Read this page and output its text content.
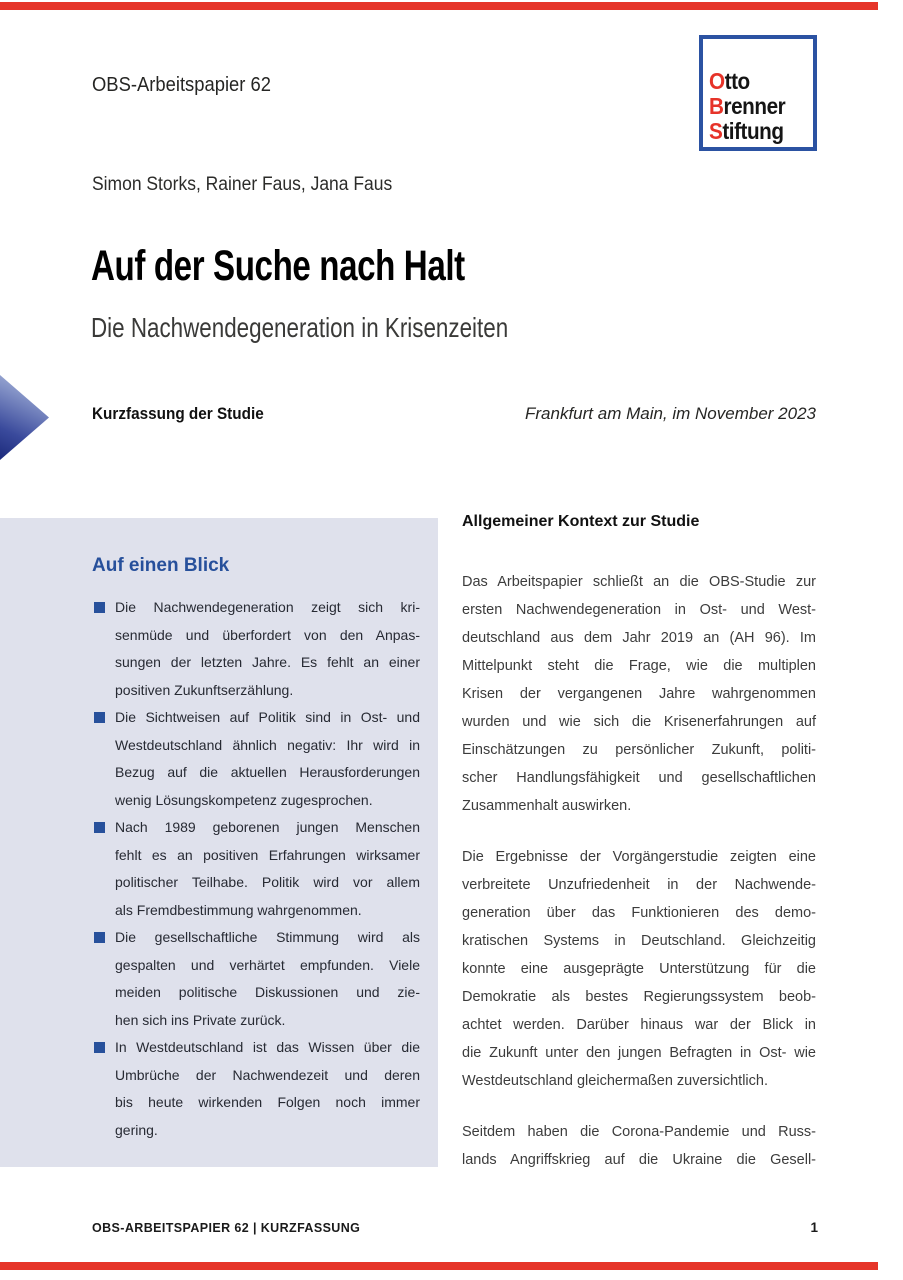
OBS-Arbeitspapier 62	Otto
Brenner
Stiftung
Simon Storks, Rainer Faus, Jana Faus
Auf der Suche nach Halt
Die Nachwendegeneration in Krisenzeiten
Kurzfassung der Studie	Frankfurt am Main, im November 2023
Auf einen Blick
Die Nachwendegeneration zeigt sich kri-
senmüde und überfordert von den Anpas-
sungen der letzten Jahre. Es fehlt an einer
positiven Zukunftserzählung.
Die Sichtweisen auf Politik sind in Ost- und
Westdeutschland ähnlich negativ: Ihr wird in
Bezug auf die aktuellen Herausforderungen
wenig Lösungskompetenz zugesprochen.
Nach 1989 geborenen jungen Menschen
fehlt es an positiven Erfahrungen wirksamer
politischer Teilhabe. Politik wird vor allem
als Fremdbestimmung wahrgenommen.
Die gesellschaftliche Stimmung wird als
gespalten und verhärtet empfunden. Viele
meiden politische Diskussionen und zie-
hen sich ins Private zurück.
In Westdeutschland ist das Wissen über die
Umbrüche der Nachwendezeit und deren
bis heute wirkenden Folgen noch immer
gering.
Allgemeiner Kontext zur Studie
Das Arbeitspapier schließt an die OBS-Studie zur
ersten Nachwendegeneration in Ost- und West-
deutschland aus dem Jahr 2019 an (AH 96). Im
Mittelpunkt steht die Frage, wie die multiplen
Krisen der vergangenen Jahre wahrgenommen
wurden und wie sich die Krisenerfahrungen auf
Einschätzungen zu persönlicher Zukunft, politi-
scher Handlungsfähigkeit und gesellschaftlichen
Zusammenhalt auswirken.
Die Ergebnisse der Vorgängerstudie zeigten eine
verbreitete Unzufriedenheit in der Nachwende-
generation über das Funktionieren des demo-
kratischen Systems in Deutschland. Gleichzeitig
konnte eine ausgeprägte Unterstützung für die
Demokratie als bestes Regierungssystem beob-
achtet werden. Darüber hinaus war der Blick in
die Zukunft unter den jungen Befragten in Ost- wie
Westdeutschland gleichermaßen zuversichtlich.
Seitdem haben die Corona-Pandemie und Russ-
lands Angriffskrieg auf die Ukraine die Gesell-
OBS-ARBEITSPAPIER 62 | KURZFASSUNG	1
